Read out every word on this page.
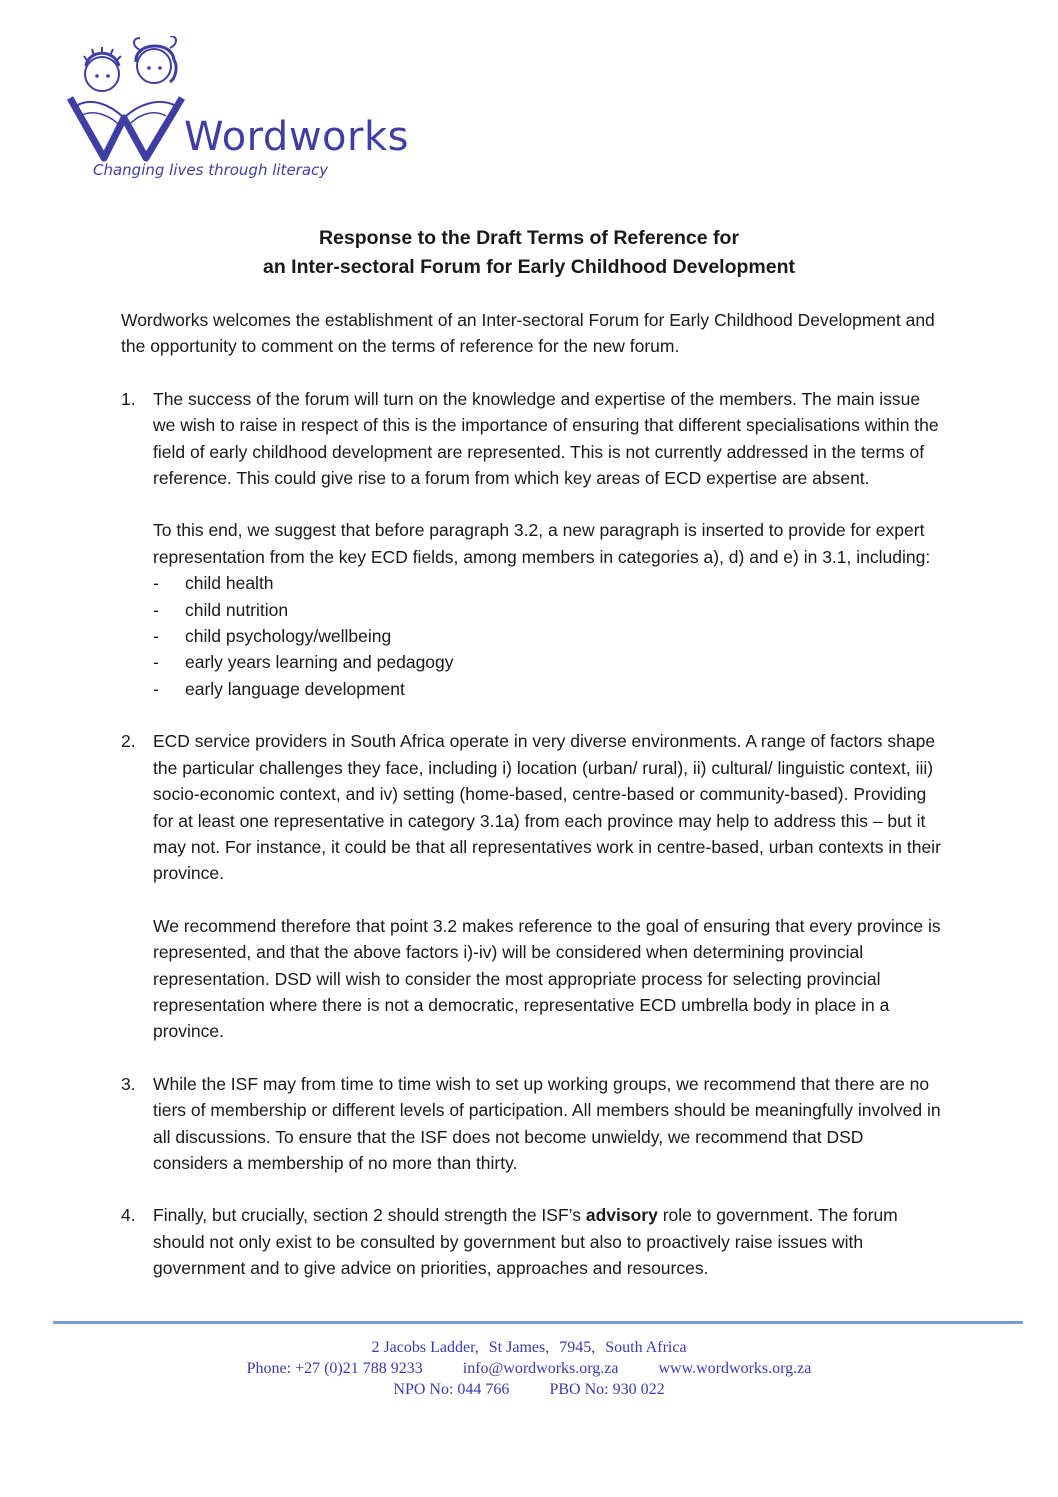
Wordworks
Changing lives through literacy
Response to the Draft Terms of Reference for
an Inter-sectoral Forum for Early Childhood Development

Wordworks welcomes the establishment of an Inter-sectoral Forum for Early Childhood Development and the opportunity to comment on the terms of reference for the new forum.

1. The success of the forum will turn on the knowledge and expertise of the members. The main issue we wish to raise in respect of this is the importance of ensuring that different specialisations within the field of early childhood development are represented. This is not currently addressed in the terms of reference. This could give rise to a forum from which key areas of ECD expertise are absent.

To this end, we suggest that before paragraph 3.2, a new paragraph is inserted to provide for expert representation from the key ECD fields, among members in categories a), d) and e) in 3.1, including:

- child health
- child nutrition
- child psychology/wellbeing
- early years learning and pedagogy
- early language development
2. ECD service providers in South Africa operate in very diverse environments. A range of factors shape the particular challenges they face, including i) location (urban/ rural), ii) cultural/ linguistic context, iii) socio-economic context, and iv) setting (home-based, centre-based or community-based). Providing for at least one representative in category 3.1a) from each province may help to address this – but it may not. For instance, it could be that all representatives work in centre-based, urban contexts in their province.

We recommend therefore that point 3.2 makes reference to the goal of ensuring that every province is represented, and that the above factors i)-iv) will be considered when determining provincial representation. DSD will wish to consider the most appropriate process for selecting provincial representation where there is not a democratic, representative ECD umbrella body in place in a province.

3. While the ISF may from time to time wish to set up working groups, we recommend that there are no tiers of membership or different levels of participation. All members should be meaningfully involved in all discussions. To ensure that the ISF does not become unwieldy, we recommend that DSD considers a membership of no more than thirty.

4. Finally, but crucially, section 2 should strength the ISF’s advisory role to government. The forum should not only exist to be consulted by government but also to proactively raise issues with government and to give advice on priorities, approaches and resources.

2 Jacobs Ladder, St James, 7945, South Africa
Phone: +27 (0)21 788 9233	info@wordworks.org.za	www.wordworks.org.za
NPO No: 044 766	PBO No: 930 022
